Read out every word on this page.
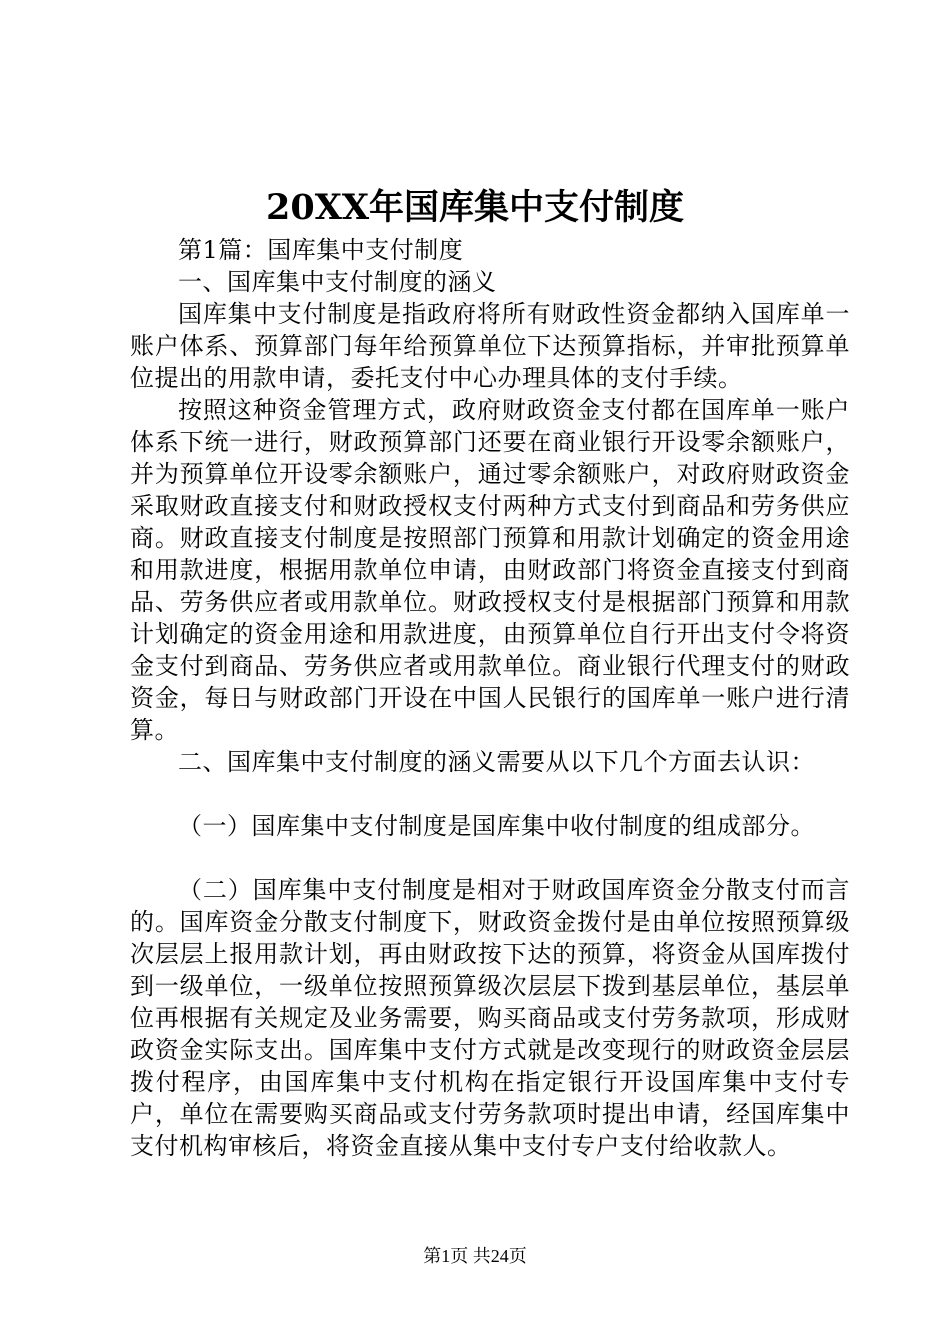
20XX年国库集中支付制度

第1篇：国库集中支付制度

一、国库集中支付制度的涵义

国库集中支付制度是指政府将所有财政性资金都纳入国库单一账户体系、预算部门每年给预算单位下达预算指标，并审批预算单位提出的用款申请，委托支付中心办理具体的支付手续。

按照这种资金管理方式，政府财政资金支付都在国库单一账户体系下统一进行，财政预算部门还要在商业银行开设零余额账户，并为预算单位开设零余额账户，通过零余额账户，对政府财政资金采取财政直接支付和财政授权支付两种方式支付到商品和劳务供应商。财政直接支付制度是按照部门预算和用款计划确定的资金用途和用款进度，根据用款单位申请，由财政部门将资金直接支付到商品、劳务供应者或用款单位。财政授权支付是根据部门预算和用款计划确定的资金用途和用款进度，由预算单位自行开出支付令将资金支付到商品、劳务供应者或用款单位。商业银行代理支付的财政资金，每日与财政部门开设在中国人民银行的国库单一账户进行清算。

二、国库集中支付制度的涵义需要从以下几个方面去认识：

（一）国库集中支付制度是国库集中收付制度的组成部分。

（二）国库集中支付制度是相对于财政国库资金分散支付而言的。国库资金分散支付制度下，财政资金拨付是由单位按照预算级次层层上报用款计划，再由财政按下达的预算，将资金从国库拨付到一级单位，一级单位按照预算级次层层下拨到基层单位，基层单位再根据有关规定及业务需要，购买商品或支付劳务款项，形成财政资金实际支出。国库集中支付方式就是改变现行的财政资金层层拨付程序，由国库集中支付机构在指定银行开设国库集中支付专户，单位在需要购买商品或支付劳务款项时提出申请，经国库集中支付机构审核后，将资金直接从集中支付专户支付给收款人。

第1页 共24页
